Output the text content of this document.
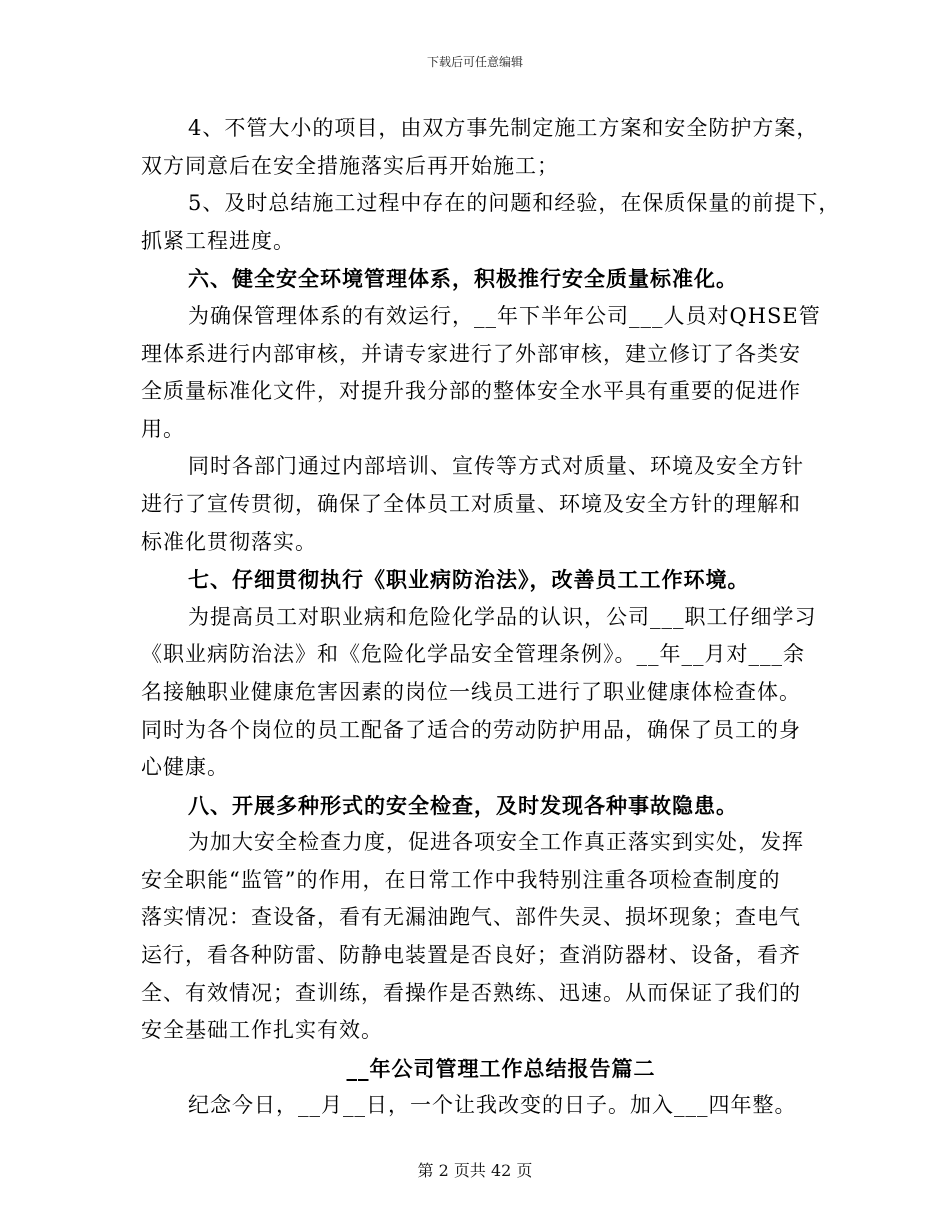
下载后可任意编辑
4、不管大小的项目，由双方事先制定施工方案和安全防护方案，
双方同意后在安全措施落实后再开始施工；
5、及时总结施工过程中存在的问题和经验，在保质保量的前提下，
抓紧工程进度。
六、健全安全环境管理体系，积极推行安全质量标准化。
为确保管理体系的有效运行，__年下半年公司___人员对QHSE管
理体系进行内部审核，并请专家进行了外部审核，建立修订了各类安
全质量标准化文件，对提升我分部的整体安全水平具有重要的促进作
用。
同时各部门通过内部培训、宣传等方式对质量、环境及安全方针
进行了宣传贯彻，确保了全体员工对质量、环境及安全方针的理解和
标准化贯彻落实。
七、仔细贯彻执行《职业病防治法》，改善员工工作环境。
为提高员工对职业病和危险化学品的认识，公司___职工仔细学习
《职业病防治法》和《危险化学品安全管理条例》。__年__月对___余
名接触职业健康危害因素的岗位一线员工进行了职业健康体检查体。
同时为各个岗位的员工配备了适合的劳动防护用品，确保了员工的身
心健康。
八、开展多种形式的安全检查，及时发现各种事故隐患。
为加大安全检查力度，促进各项安全工作真正落实到实处，发挥
安全职能“监管”的作用，在日常工作中我特别注重各项检查制度的
落实情况：查设备，看有无漏油跑气、部件失灵、损坏现象；查电气
运行，看各种防雷、防静电装置是否良好；查消防器材、设备，看齐
全、有效情况；查训练，看操作是否熟练、迅速。从而保证了我们的
安全基础工作扎实有效。
__年公司管理工作总结报告篇二
纪念今日，__月__日，一个让我改变的日子。加入___四年整。
第 2 页共 42 页
